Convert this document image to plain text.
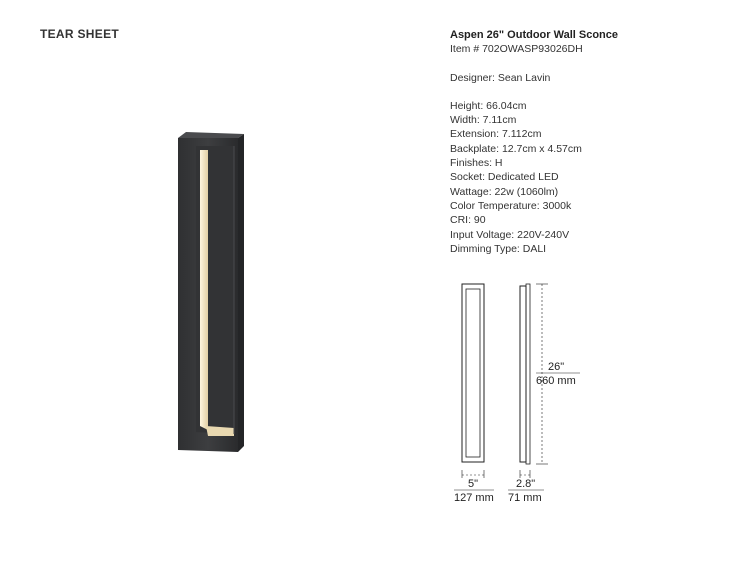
TEAR SHEET	Aspen 26" Outdoor Wall Sconce
Item # 702OWASP93026DH
Designer: Sean Lavin
Height: 66.04cm
Width: 7.11cm
Extension: 7.112cm
Backplate: 12.7cm x 4.57cm
Finishes: H
Socket: Dedicated LED
Wattage: 22w (1060lm)
Color Temperature: 3000k
CRI: 90
Input Voltage: 220V-240V
Dimming Type: DALI
26"
660 mm
5"
127 mm
2.8"
71 mm
